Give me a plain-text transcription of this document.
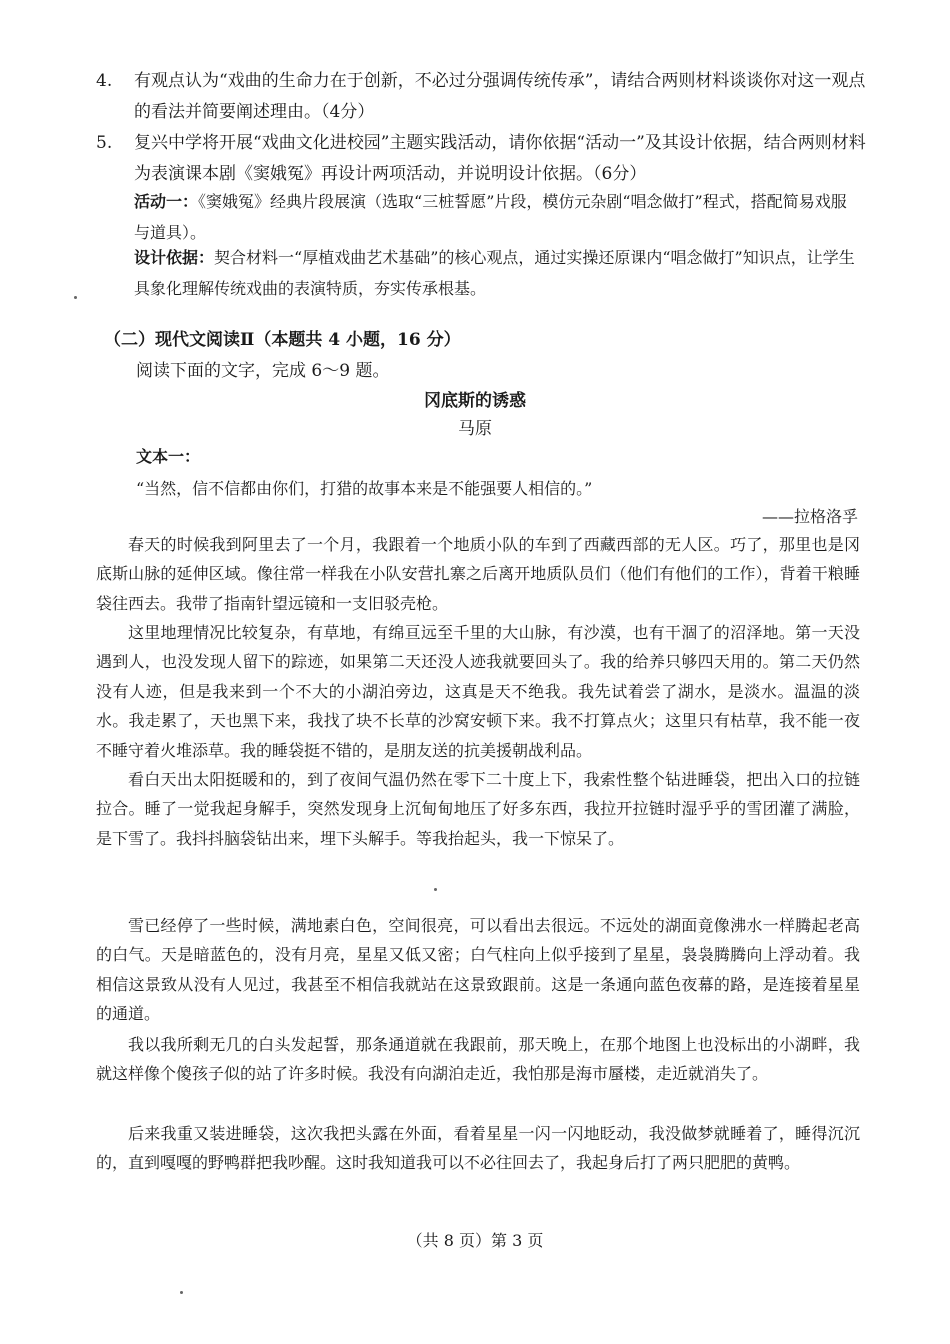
4. 有观点认为“戏曲的生命力在于创新，不必过分强调传统传承”，请结合两则材料谈谈你对这一观点的看法并简要阐述理由。（4分）
5. 复兴中学将开展“戏曲文化进校园”主题实践活动，请你依据“活动一”及其设计依据，结合两则材料为表演课本剧《窦娥冤》再设计两项活动，并说明设计依据。（6分）
活动一：《窦娥冤》经典片段展演（选取“三桩誓愿”片段，模仿元杂剧“唱念做打”程式，搭配简易戏服与道具）。
设计依据：契合材料一“厚植戏曲艺术基础”的核心观点，通过实操还原课内“唱念做打”知识点，让学生具象化理解传统戏曲的表演特质，夯实传承根基。
（二）现代文阅读Ⅱ（本题共 4 小题，16 分）
阅读下面的文字，完成 6～9 题。
冈底斯的诱惑
马原
文本一：
“当然，信不信都由你们，打猎的故事本来是不能强要人相信的。”
——拉格洛孚
春天的时候我到阿里去了一个月，我跟着一个地质小队的车到了西藏西部的无人区。巧了，那里也是冈底斯山脉的延伸区域。像往常一样我在小队安营扎寨之后离开地质队员们（他们有他们的工作），背着干粮睡袋往西去。我带了指南针望远镜和一支旧驳壳枪。
这里地理情况比较复杂，有草地，有绵亘远至千里的大山脉，有沙漠，也有干涸了的沼泽地。第一天没遇到人，也没发现人留下的踪迹，如果第二天还没人迹我就要回头了。我的给养只够四天用的。第二天仍然没有人迹，但是我来到一个不大的小湖泊旁边，这真是天不绝我。我先试着尝了湖水，是淡水。温温的淡水。我走累了，天也黑下来，我找了块不长草的沙窝安顿下来。我不打算点火；这里只有枯草，我不能一夜不睡守着火堆添草。我的睡袋挺不错的，是朋友送的抗美援朝战利品。
看白天出太阳挺暖和的，到了夜间气温仍然在零下二十度上下，我索性整个钻进睡袋，把出入口的拉链拉合。睡了一觉我起身解手，突然发现身上沉甸甸地压了好多东西，我拉开拉链时湿乎乎的雪团灌了满脸，是下雪了。我抖抖脑袋钻出来，埋下头解手。等我抬起头，我一下惊呆了。
雪已经停了一些时候，满地素白色，空间很亮，可以看出去很远。不远处的湖面竟像沸水一样腾起老高的白气。天是暗蓝色的，没有月亮，星星又低又密；白气柱向上似乎接到了星星，袅袅腾腾向上浮动着。我相信这景致从没有人见过，我甚至不相信我就站在这景致跟前。这是一条通向蓝色夜幕的路，是连接着星星的通道。
我以我所剩无几的白头发起誓，那条通道就在我跟前，那天晚上，在那个地图上也没标出的小湖畔，我就这样像个傻孩子似的站了许多时候。我没有向湖泊走近，我怕那是海市蜃楼，走近就消失了。
后来我重又装进睡袋，这次我把头露在外面，看着星星一闪一闪地眨动，我没做梦就睡着了，睡得沉沉的，直到嘎嘎的野鸭群把我吵醒。这时我知道我可以不必往回去了，我起身后打了两只肥肥的黄鸭。
（共 8 页）第 3 页
